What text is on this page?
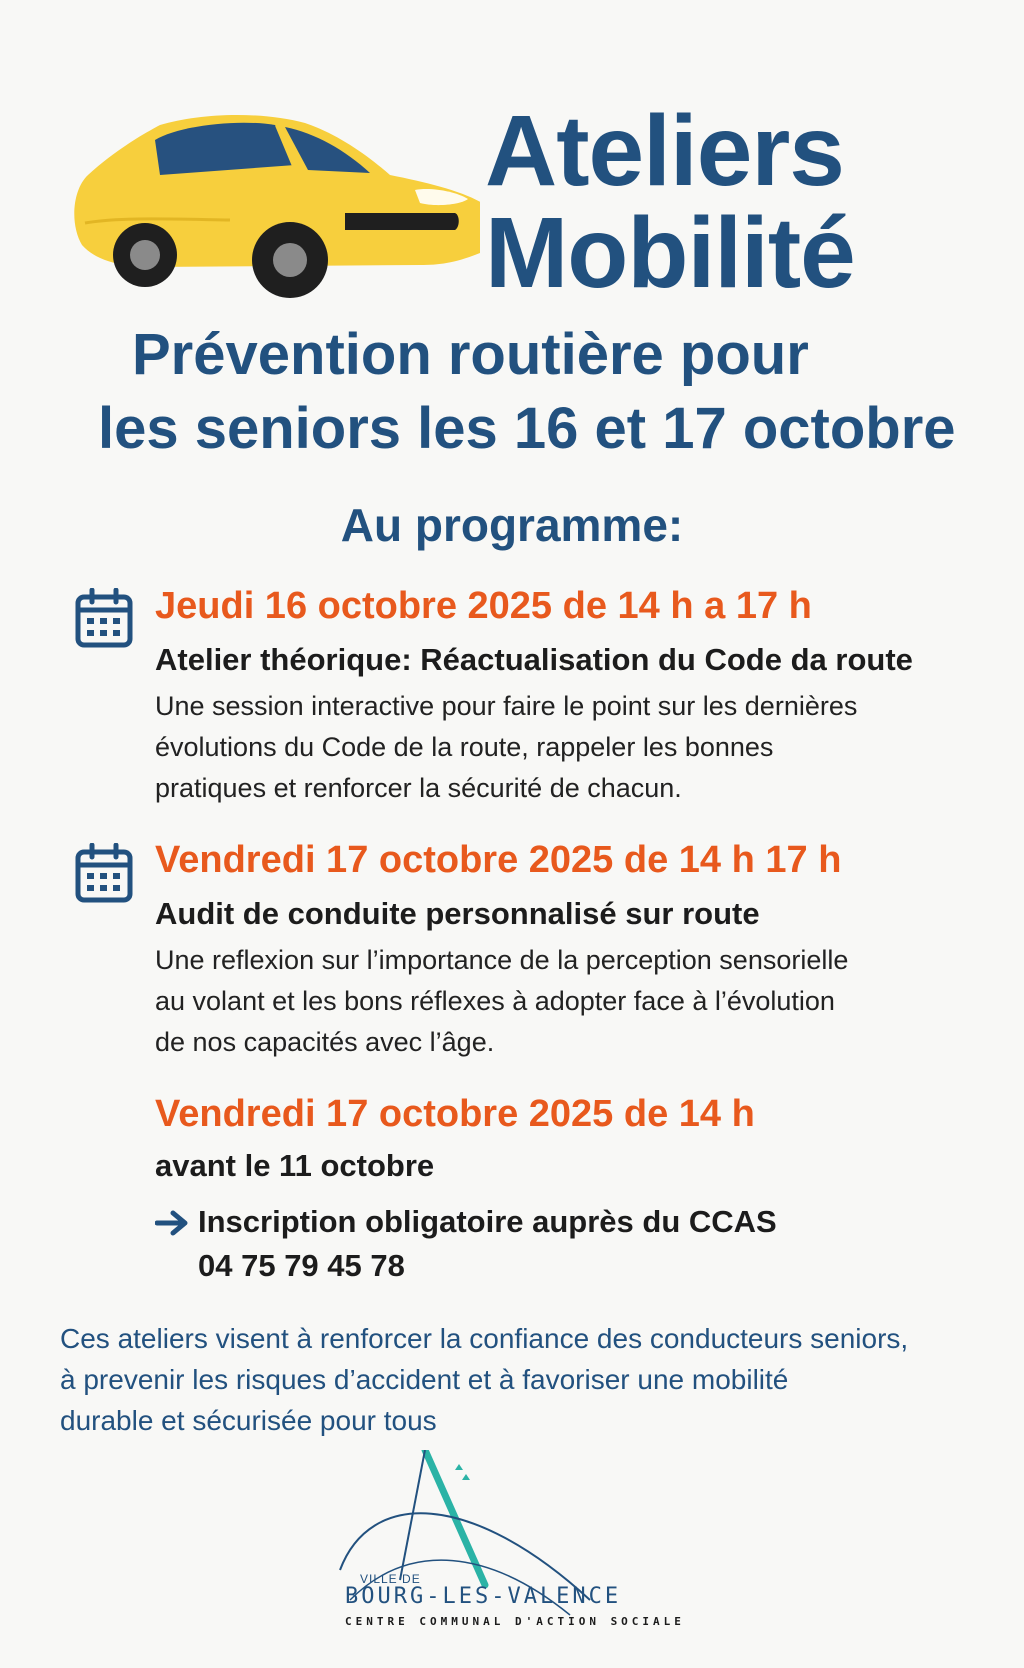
Ateliers
Mobilité
Prévention routière pour
les seniors les 16 et 17 octobre
Au programme:
Jeudi 16 octobre 2025 de 14 h a 17 h
Atelier théorique: Réactualisation du Code da route

Une session interactive pour faire le point sur les dernières
évolutions du Code de la route, rappeler les bonnes
pratiques et renforcer la sécurité de chacun.

Vendredi 17 octobre 2025 de 14 h 17 h
Audit de conduite personnalisé sur route

Une reflexion sur l’importance de la perception sensorielle
au volant et les bons réflexes à adopter face à l’évolution
de nos capacités avec l’âge.

Vendredi 17 octobre 2025 de 14 h
avant le 11 octobre

Inscription obligatoire auprès du CCAS
04 75 79 45 78

Ces ateliers visent à renforcer la confiance des conducteurs seniors,
à prevenir les risques d’accident et à favoriser une mobilité
durable et sécurisée pour tous

VILLE DE
BOURG-LES-VALENCE
CENTRE COMMUNAL D'ACTION SOCIALE
